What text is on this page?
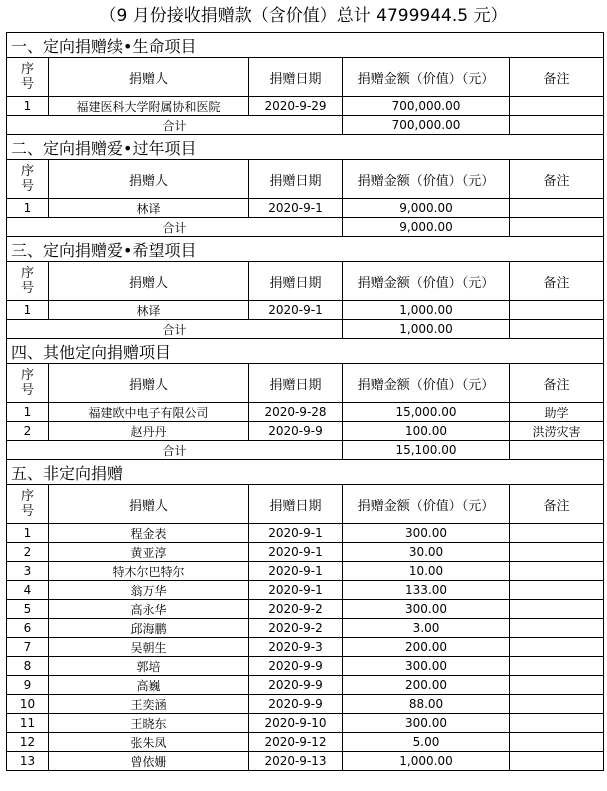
（9 月份接收捐赠款（含价值）总计 4799944.5 元）
一、定向捐赠续•生命项目				

序
号	捐赠人	捐赠日期	捐赠金额（价值）（元）	备注
1	福建医科大学附属协和医院	2020-9-29	700,000.00	
合计			700,000.00	
二、定向捐赠爱•过年项目				

序
号	捐赠人	捐赠日期	捐赠金额（价值）（元）	备注
1	林译	2020-9-1	9,000.00	
合计			9,000.00	
三、定向捐赠爱•希望项目				

序
号	捐赠人	捐赠日期	捐赠金额（价值）（元）	备注
1	林译	2020-9-1	1,000.00	
合计			1,000.00	
四、其他定向捐赠项目				

序
号	捐赠人	捐赠日期	捐赠金额（价值）（元）	备注
1	福建欧中电子有限公司	2020-9-28	15,000.00	助学
2	赵丹丹	2020-9-9	100.00	洪涝灾害
合计			15,100.00	
五、非定向捐赠				

序
号	捐赠人	捐赠日期	捐赠金额（价值）（元）	备注
1	程金表	2020-9-1	300.00	
2	黄亚淳	2020-9-1	30.00	
3	特木尔巴特尔	2020-9-1	10.00	
4	翁万华	2020-9-1	133.00	
5	高永华	2020-9-2	300.00	
6	邱海鹏	2020-9-2	3.00	
7	吴朝生	2020-9-3	200.00	
8	郭培	2020-9-9	300.00	
9	高巍	2020-9-9	200.00	
10	王奕涵	2020-9-9	88.00	
11	王晓东	2020-9-10	300.00	
12	张朱凤	2020-9-12	5.00	
13	曾依姗	2020-9-13	1,000.00	
